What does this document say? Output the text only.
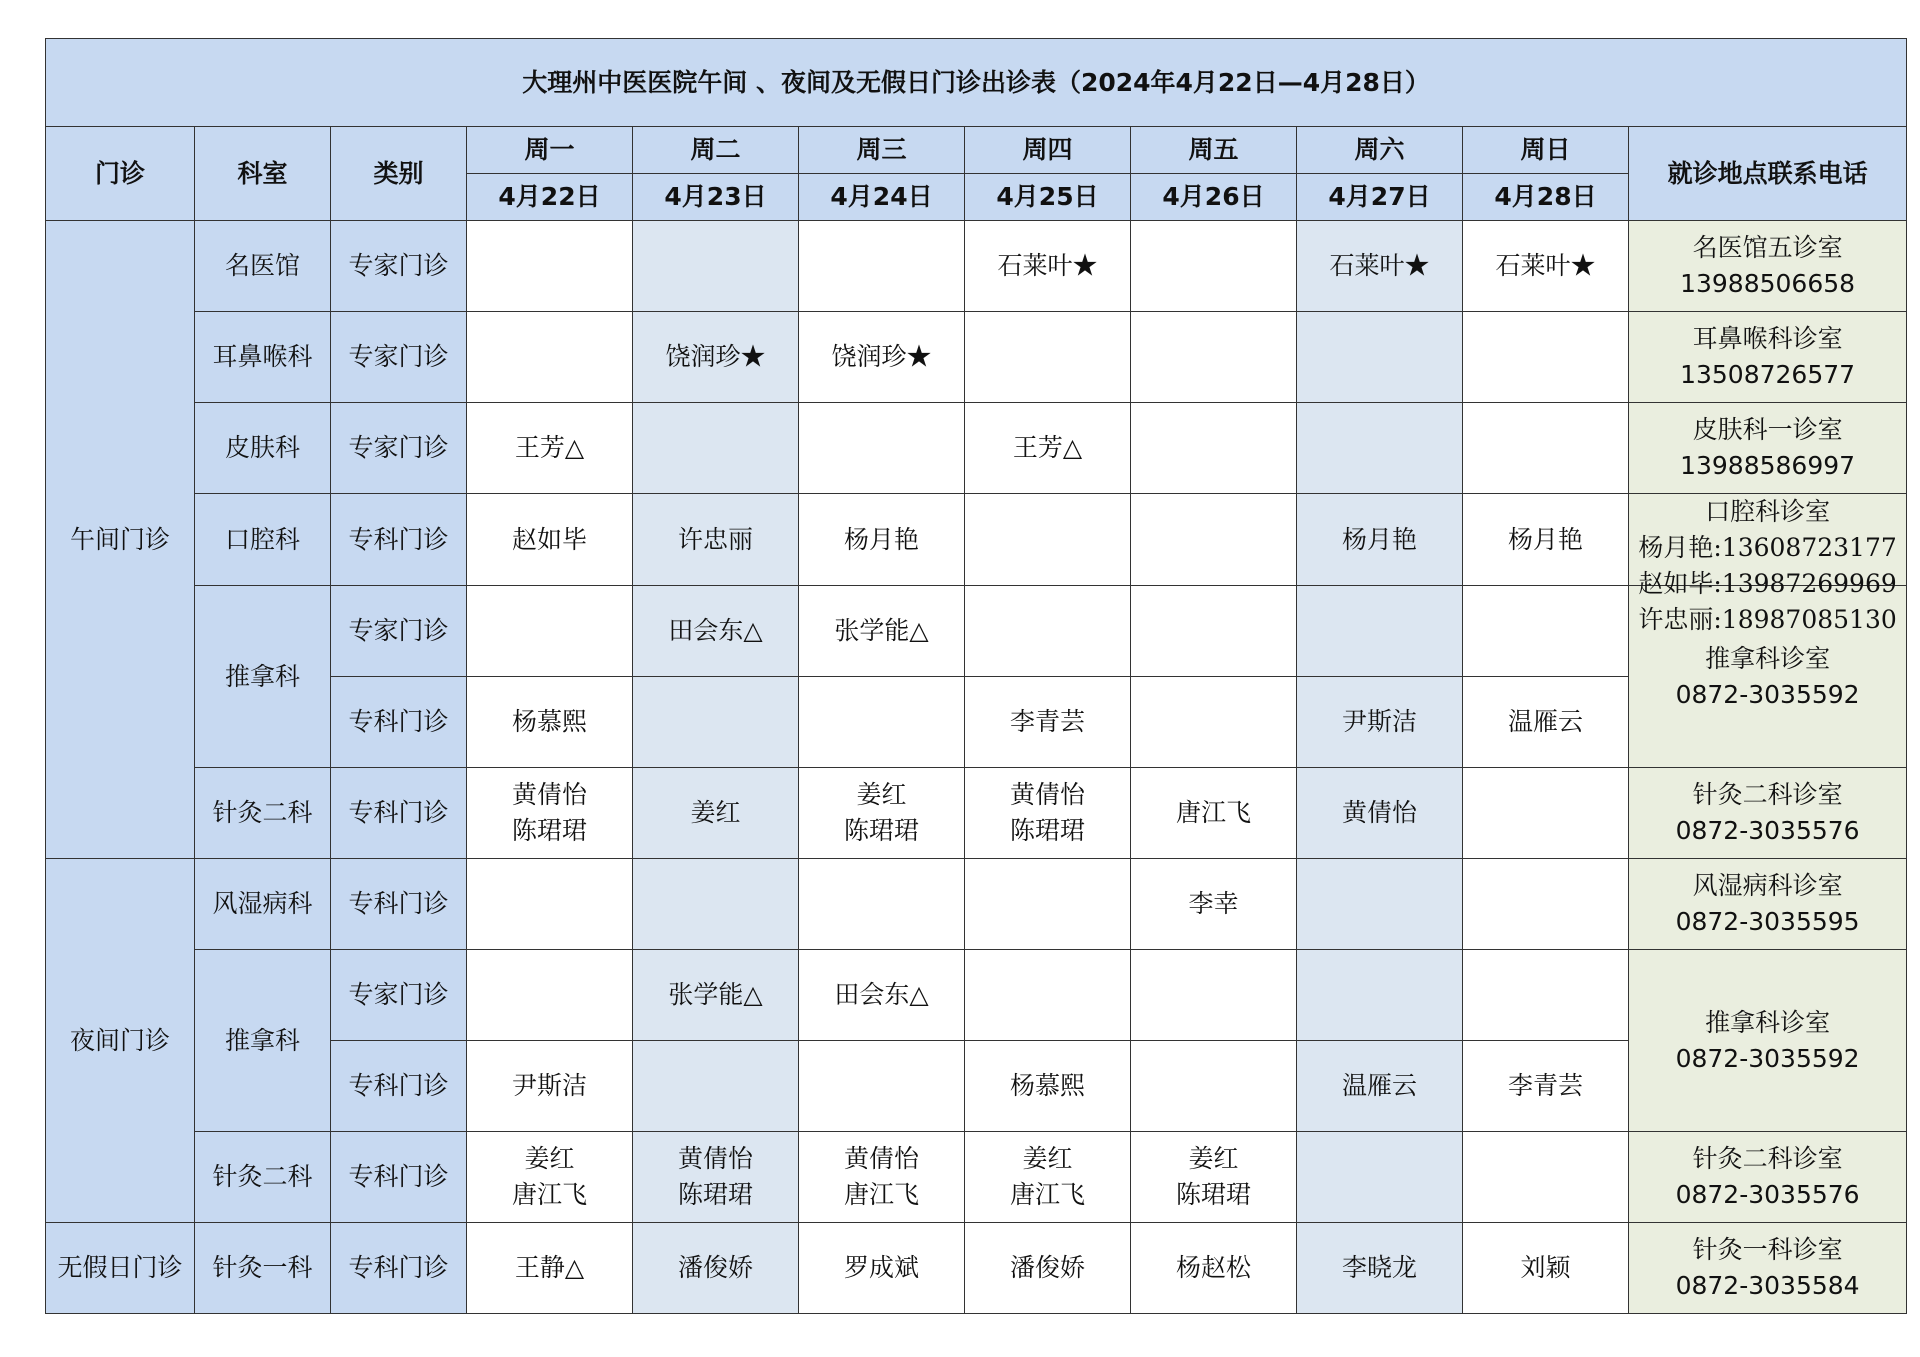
大理州中医医院午间 、夜间及无假日门诊出诊表（2024年4月22日—4月28日）										
门诊	科室	类别	周一	周二	周三	周四	周五	周六	周日	就诊地点联系电话
			4月22日	4月23日	4月24日	4月25日	4月26日	4月27日	4月28日	
午间门诊	名医馆	专家门诊				石莱叶★		石莱叶★	石莱叶★	名医馆五诊室
13988506658

	耳鼻喉科	专家门诊		饶润珍★	饶润珍★					耳鼻喉科诊室
13508726577

	皮肤科	专家门诊	王芳△			王芳△				皮肤科一诊室
13988586997

	口腔科	专科门诊	赵如毕	许忠丽	杨月艳			杨月艳	杨月艳	口腔科诊室
杨月艳:13608723177
赵如毕:13987269969
许忠丽:18987085130

	推拿科	专家门诊		田会东△	张学能△					推拿科诊室
0872-3035592

		专科门诊	杨慕熙			李青芸		尹斯洁	温雁云	
	针灸二科	专科门诊	黄倩怡
陈珺珺	姜红	姜红
陈珺珺	黄倩怡
陈珺珺	唐江飞	黄倩怡		针灸二科诊室
0872-3035576

夜间门诊	风湿病科	专科门诊					李幸			风湿病科诊室
0872-3035595

	推拿科	专家门诊		张学能△	田会东△					推拿科诊室
0872-3035592

		专科门诊	尹斯洁			杨慕熙		温雁云	李青芸	
	针灸二科	专科门诊	姜红
唐江飞	黄倩怡
陈珺珺	黄倩怡
唐江飞	姜红
唐江飞	姜红
陈珺珺			针灸二科诊室
0872-3035576

无假日门诊	针灸一科	专科门诊	王静△	潘俊娇	罗成斌	潘俊娇	杨赵松	李晓龙	刘颖	针灸一科诊室
0872-3035584
